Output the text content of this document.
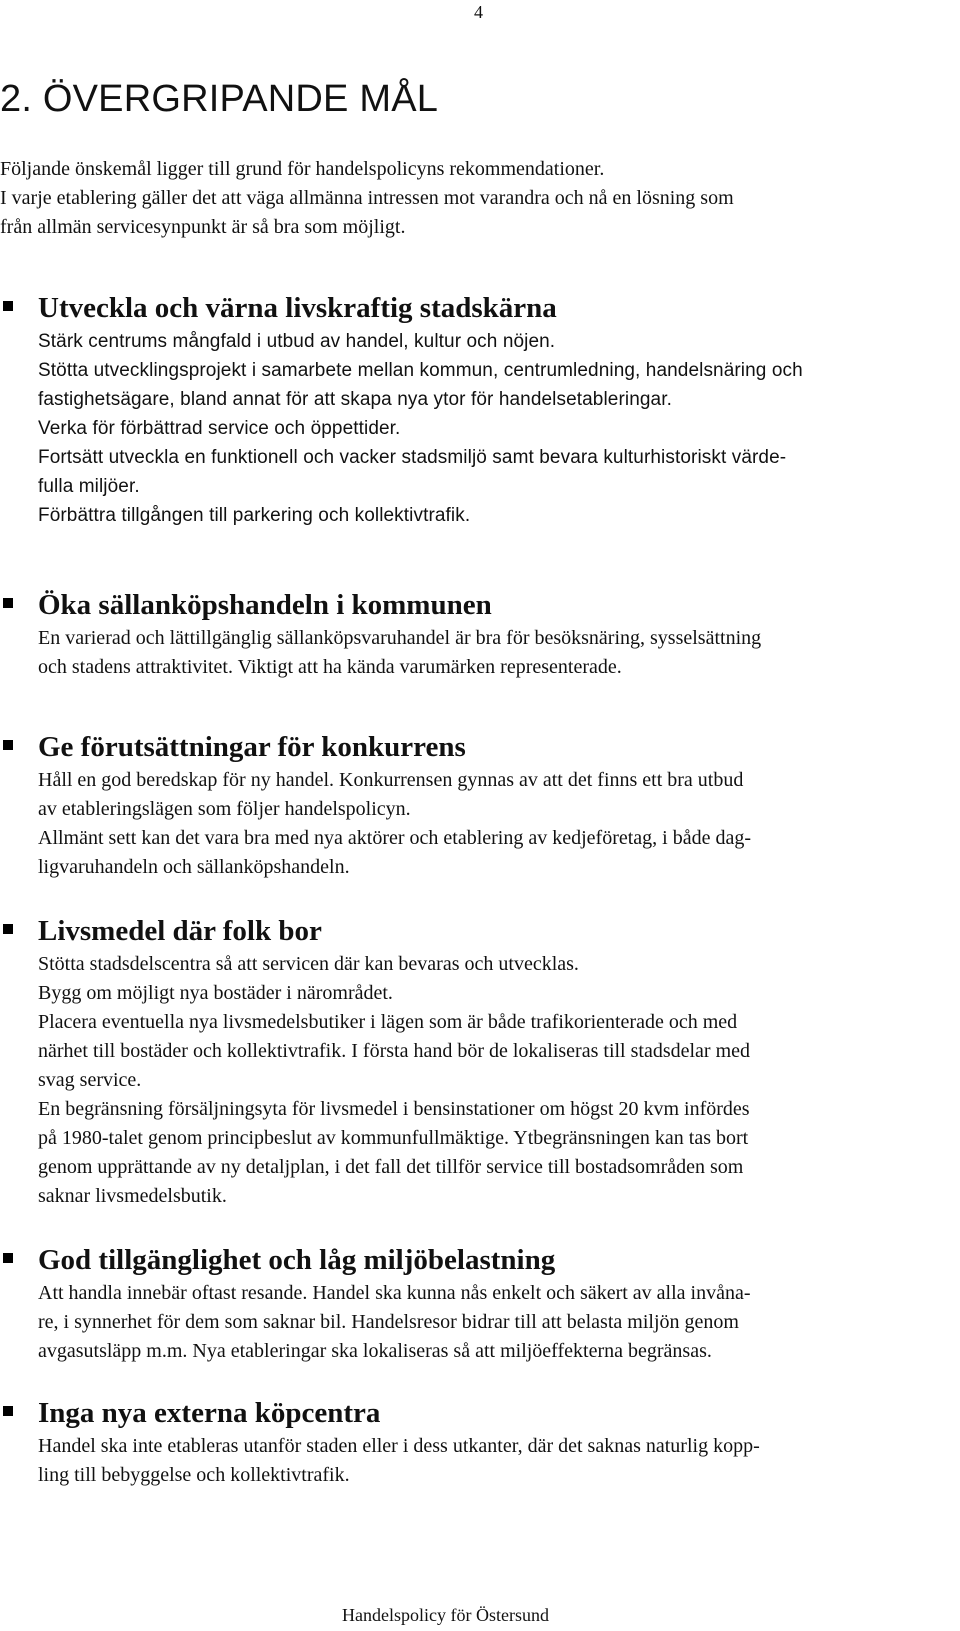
4
2. ÖVERGRIPANDE MÅL

Följande önskemål ligger till grund för handelspolicyns rekommendationer.

I varje etablering gäller det att väga allmänna intressen mot varandra och nå en lösning som

från allmän servicesynpunkt är så bra som möjligt.

Utveckla och värna livskraftig stadskärna

Stärk centrums mångfald i utbud av handel, kultur och nöjen.

Stötta utvecklingsprojekt i samarbete mellan kommun, centrumledning, handelsnäring och

fastighetsägare, bland annat för att skapa nya ytor för handelsetableringar.

Verka för förbättrad service och öppettider.

Fortsätt utveckla en funktionell och vacker stadsmiljö samt bevara kulturhistoriskt värde-

fulla miljöer.

Förbättra tillgången till parkering och kollektivtrafik.

Öka sällanköpshandeln i kommunen

En varierad och lättillgänglig sällanköpsvaruhandel är bra för besöksnäring, sysselsättning

och stadens attraktivitet. Viktigt att ha kända varumärken representerade.

Ge förutsättningar för konkurrens

Håll en god beredskap för ny handel. Konkurrensen gynnas av att det finns ett bra utbud

av etableringslägen som följer handelspolicyn.

Allmänt sett kan det vara bra med nya aktörer och etablering av kedjeföretag, i både dag-

ligvaruhandeln och sällanköpshandeln.

Livsmedel där folk bor

Stötta stadsdelscentra så att servicen där kan bevaras och utvecklas.

Bygg om möjligt nya bostäder i närområdet.

Placera eventuella nya livsmedelsbutiker i lägen som är både trafikorienterade och med

närhet till bostäder och kollektivtrafik. I första hand bör de lokaliseras till stadsdelar med

svag service.

En begränsning försäljningsyta för livsmedel i bensinstationer om högst 20 kvm infördes

på 1980-talet genom principbeslut av kommunfullmäktige. Ytbegränsningen kan tas bort

genom upprättande av ny detaljplan, i det fall det tillför service till bostadsområden som

saknar livsmedelsbutik.

God tillgänglighet och låg miljöbelastning

Att handla innebär oftast resande. Handel ska kunna nås enkelt och säkert av alla invåna-

re, i synnerhet för dem som saknar bil. Handelsresor bidrar till att belasta miljön genom

avgasutsläpp m.m. Nya etableringar ska lokaliseras så att miljöeffekterna begränsas.

Inga nya externa köpcentra

Handel ska inte etableras utanför staden eller i dess utkanter, där det saknas naturlig kopp-

ling till bebyggelse och kollektivtrafik.

Handelspolicy för Östersund
